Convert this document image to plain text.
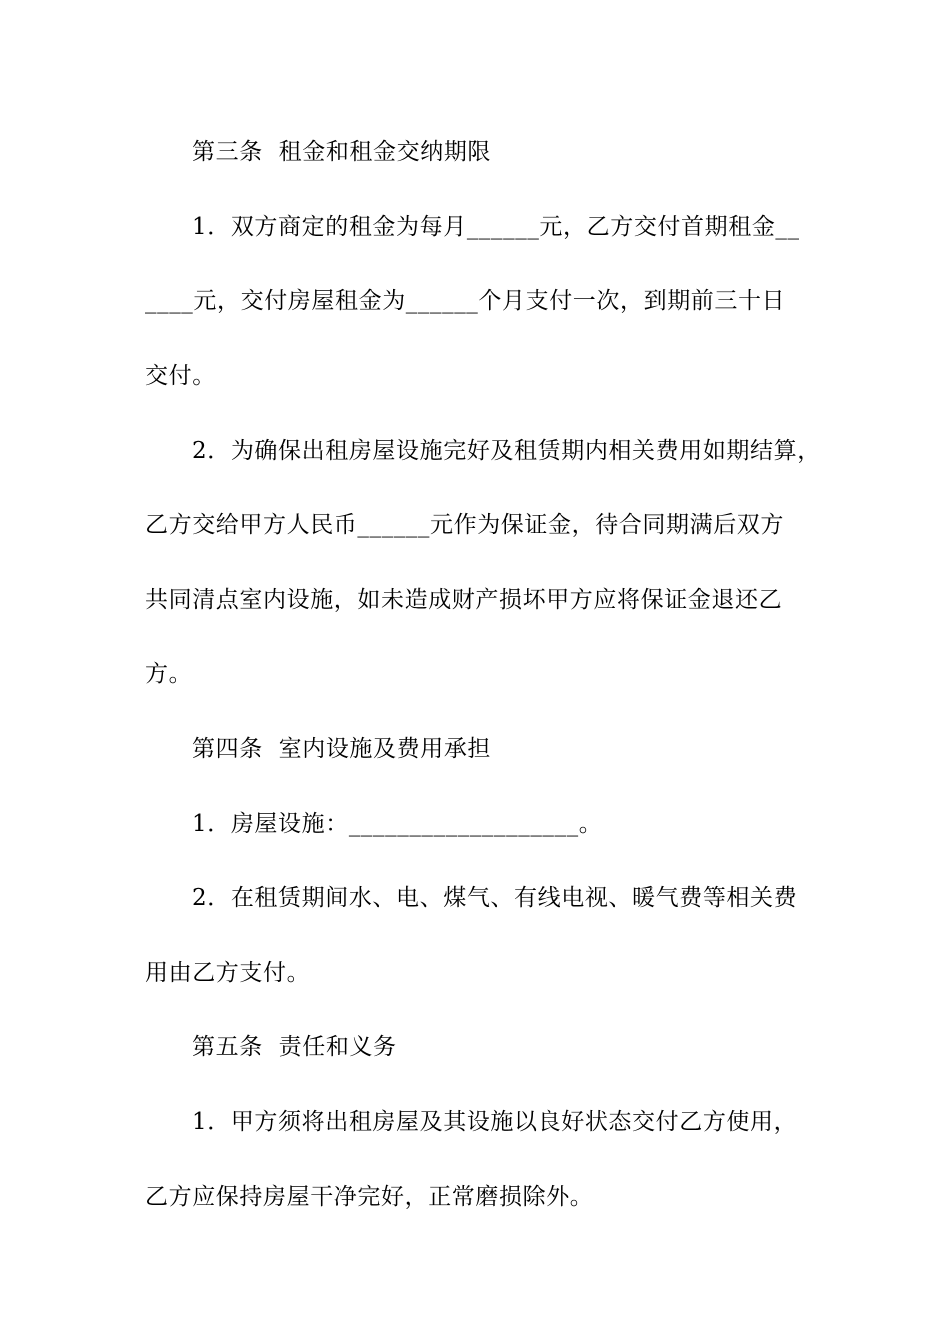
第三条  租金和租金交纳期限
1．双方商定的租金为每月______元，乙方交付首期租金__
____元，交付房屋租金为______个月支付一次，到期前三十日
交付。
2．为确保出租房屋设施完好及租赁期内相关费用如期结算，
乙方交给甲方人民币______元作为保证金，待合同期满后双方
共同清点室内设施，如未造成财产损坏甲方应将保证金退还乙
方。
第四条  室内设施及费用承担
1．房屋设施：___________________。
2．在租赁期间水、电、煤气、有线电视、暖气费等相关费
用由乙方支付。
第五条  责任和义务
1．甲方须将出租房屋及其设施以良好状态交付乙方使用，
乙方应保持房屋干净完好，正常磨损除外。
